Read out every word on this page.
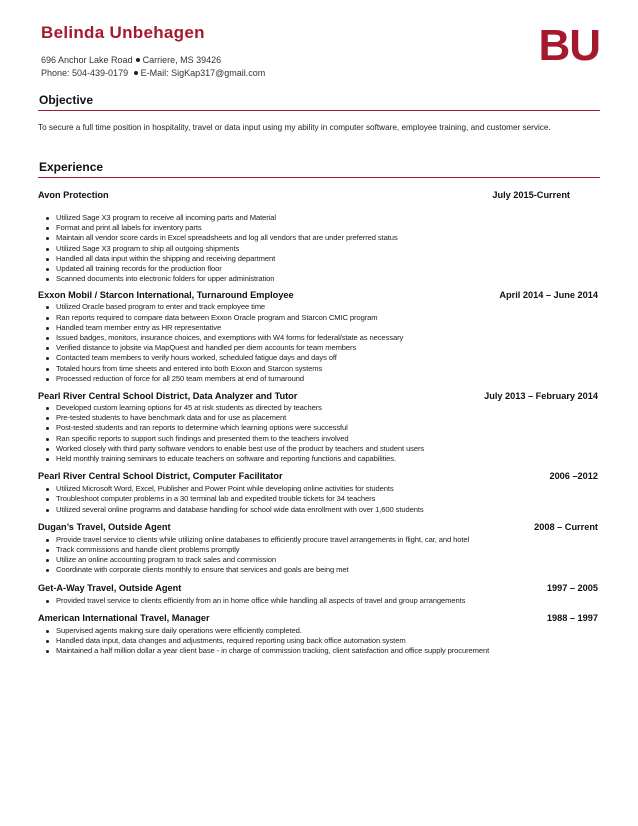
Belinda Unbehagen
696 Anchor Lake Road Carriere, MS 39426
Phone: 504-439-0179 E-Mail: SigKap317@gmail.com
BU
Objective
To secure a full time position in hospitality, travel or data input using my ability in computer software, employee training, and customer service.
Experience
Avon Protection	July 2015-Current
Utilized Sage X3 program to receive all incoming parts and Material
Format and print all labels for inventory parts
Maintain all vendor score cards in Excel spreadsheets and log all vendors that are under preferred status
Utilized Sage X3 program to ship all outgoing shipments
Handled all data input within the shipping and receiving department
Updated all training records for the production floor
Scanned documents into electronic folders for upper administration
Exxon Mobil / Starcon International, Turnaround Employee	April 2014 – June 2014
Utilized Oracle based program to enter and track employee time
Ran reports required to compare data between Exxon Oracle program and Starcon CMIC program
Handled team member entry as HR representative
Issued badges, monitors, insurance choices, and exemptions with W4 forms for federal/state as necessary
Verified distance to jobsite via MapQuest and handled per diem accounts for team members
Contacted team members to verify hours worked, scheduled fatigue days and days off
Totaled hours from time sheets and entered into both Exxon and Starcon systems
Processed reduction of force for all 250 team members at end of turnaround
Pearl River Central School District, Data Analyzer and Tutor	July 2013 – February 2014
Developed custom learning options for 45 at risk students as directed by teachers
Pre-tested students to have benchmark data and for use as placement
Post-tested students and ran reports to determine which learning options were successful
Ran specific reports to support such findings and presented them to the teachers involved
Worked closely with third party software vendors to enable best use of the product by teachers and student users
Held monthly training seminars to educate teachers on software and reporting functions and capabilities.
Pearl River Central School District, Computer Facilitator	2006 –2012
Utilized Microsoft Word, Excel, Publisher and Power Point while developing online activities for students
Troubleshoot computer problems in a 30 terminal lab and expedited trouble tickets for 34 teachers
Utilized several online programs and database handling for school wide data enrollment with over 1,600 students
Dugan’s Travel, Outside Agent	2008 – Current
Provide travel service to clients while utilizing online databases to efficiently procure travel arrangements in flight, car, and hotel
Track commissions and handle client problems promptly
Utilize an online accounting program to track sales and commission
Coordinate with corporate clients monthly to ensure that services and goals are being met
Get-A-Way Travel, Outside Agent	1997 – 2005
Provided travel service to clients efficiently from an in home office while handling all aspects of travel and group arrangements
American International Travel, Manager	1988 – 1997
Supervised agents making sure daily operations were efficiently completed.
Handled data input, data changes and adjustments, required reporting using back office automation system
Maintained a half million dollar a year client base - in charge of commission tracking, client satisfaction and office supply procurement
